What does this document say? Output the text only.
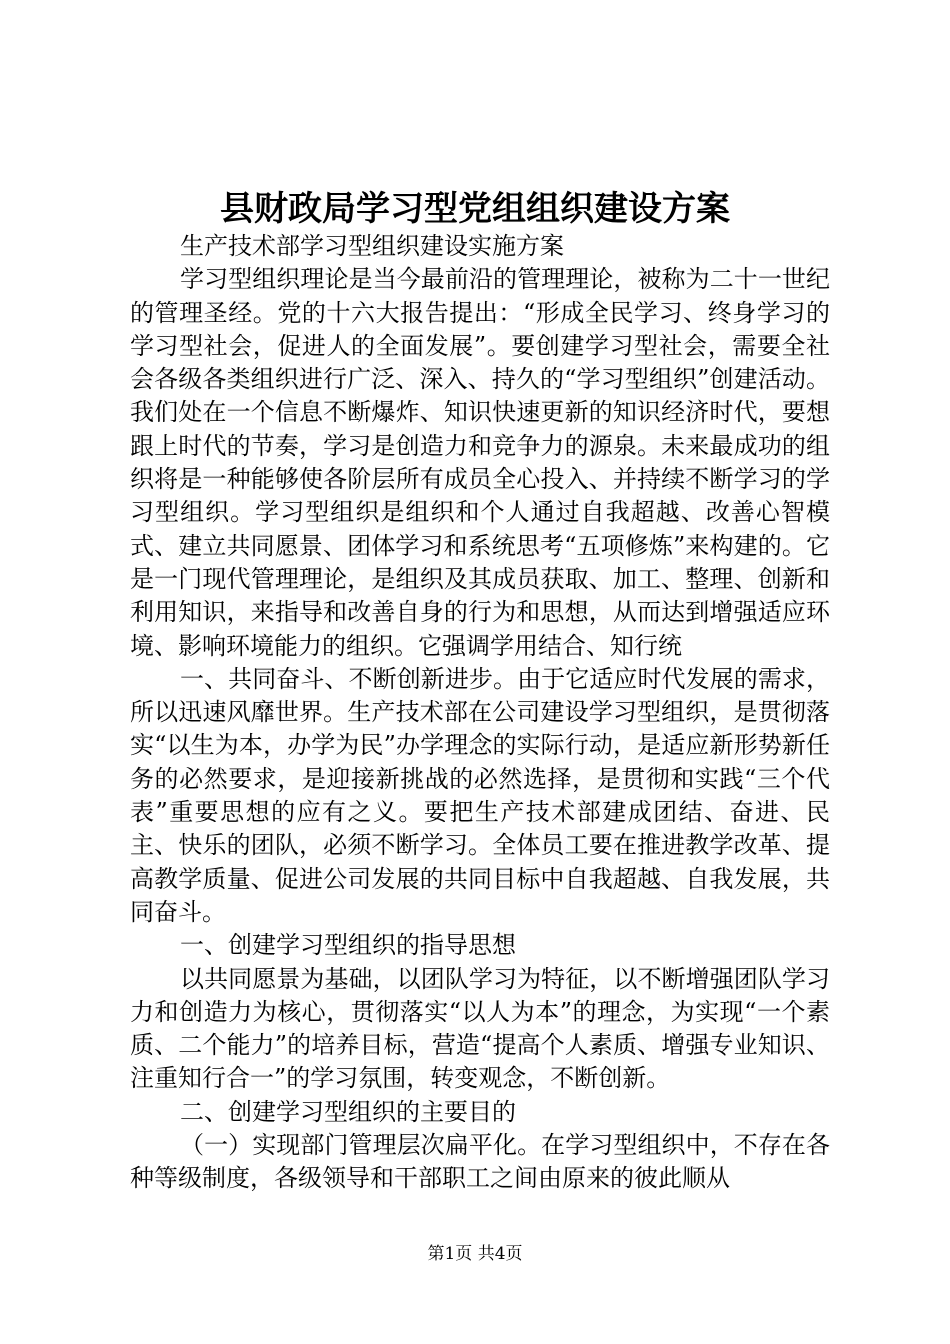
县财政局学习型党组组织建设方案

生产技术部学习型组织建设实施方案

学习型组织理论是当今最前沿的管理理论，被称为二十一世纪的管理圣经。党的十六大报告提出：“形成全民学习、终身学习的学习型社会，促进人的全面发展”。要创建学习型社会，需要全社会各级各类组织进行广泛、深入、持久的“学习型组织”创建活动。我们处在一个信息不断爆炸、知识快速更新的知识经济时代，要想跟上时代的节奏，学习是创造力和竞争力的源泉。未来最成功的组织将是一种能够使各阶层所有成员全心投入、并持续不断学习的学习型组织。学习型组织是组织和个人通过自我超越、改善心智模式、建立共同愿景、团体学习和系统思考“五项修炼”来构建的。它是一门现代管理理论，是组织及其成员获取、加工、整理、创新和利用知识，来指导和改善自身的行为和思想，从而达到增强适应环境、影响环境能力的组织。它强调学用结合、知行统

一、共同奋斗、不断创新进步。由于它适应时代发展的需求，所以迅速风靡世界。生产技术部在公司建设学习型组织，是贯彻落实“以生为本，办学为民”办学理念的实际行动，是适应新形势新任务的必然要求，是迎接新挑战的必然选择，是贯彻和实践“三个代表”重要思想的应有之义。要把生产技术部建成团结、奋进、民主、快乐的团队，必须不断学习。全体员工要在推进教学改革、提高教学质量、促进公司发展的共同目标中自我超越、自我发展，共同奋斗。

一、创建学习型组织的指导思想

以共同愿景为基础，以团队学习为特征，以不断增强团队学习力和创造力为核心，贯彻落实“以人为本”的理念，为实现“一个素质、二个能力”的培养目标，营造“提高个人素质、增强专业知识、注重知行合一”的学习氛围，转变观念，不断创新。

二、创建学习型组织的主要目的

（一）实现部门管理层次扁平化。在学习型组织中，不存在各种等级制度，各级领导和干部职工之间由原来的彼此顺从

第1页 共4页
